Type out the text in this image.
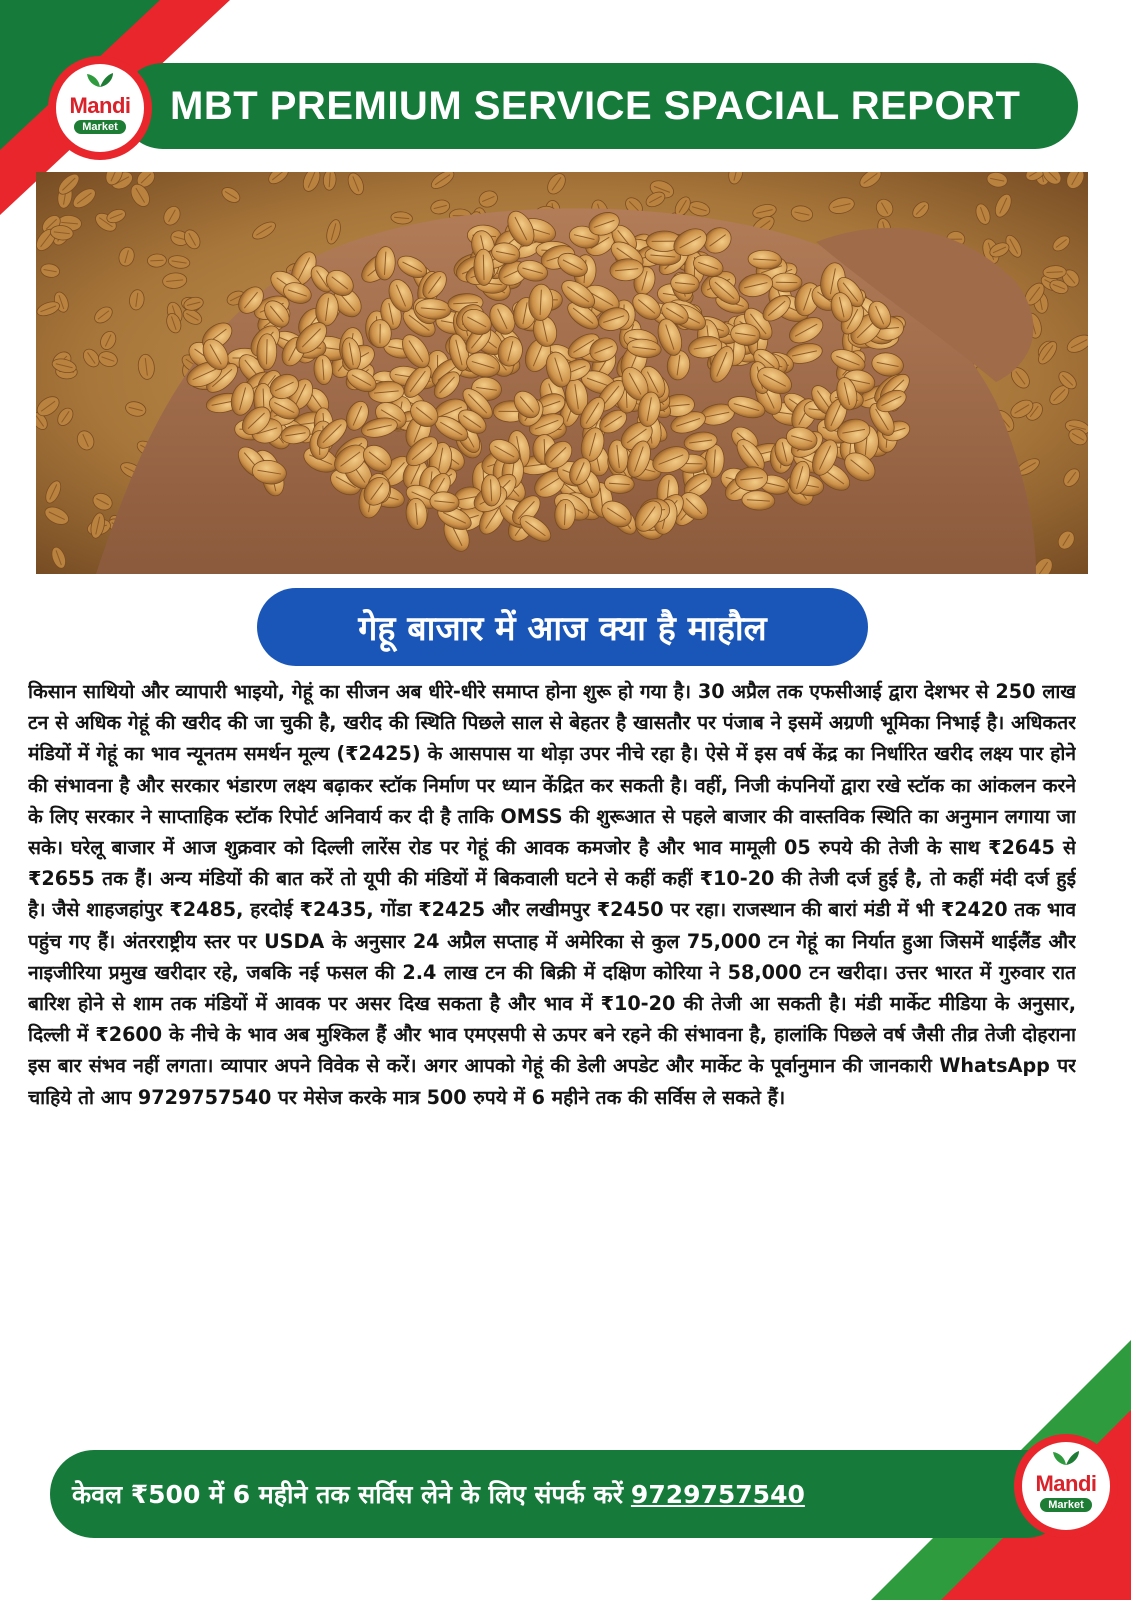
MBT PREMIUM SERVICE SPACIAL REPORT
Mandi
Market
गेहू बाजार में आज क्या है माहौल

किसान साथियो और व्यापारी भाइयो, गेहूं का सीजन अब धीरे-धीरे समाप्त होना शुरू हो गया है। 30 अप्रैल तक एफसीआई द्वारा देशभर से 250 लाख टन से अधिक गेहूं की खरीद की जा चुकी है, खरीद की स्थिति पिछले साल से बेहतर है खासतौर पर पंजाब ने इसमें अग्रणी भूमिका निभाई है। अधिकतर मंडियों में गेहूं का भाव न्यूनतम समर्थन मूल्य (₹2425) के आसपास या थोड़ा उपर नीचे रहा है। ऐसे में इस वर्ष केंद्र का निर्धारित खरीद लक्ष्य पार होने की संभावना है और सरकार भंडारण लक्ष्य बढ़ाकर स्टॉक निर्माण पर ध्यान केंद्रित कर सकती है। वहीं, निजी कंपनियों द्वारा रखे स्टॉक का आंकलन करने के लिए सरकार ने साप्ताहिक स्टॉक रिपोर्ट अनिवार्य कर दी है ताकि OMSS की शुरूआत से पहले बाजार की वास्तविक स्थिति का अनुमान लगाया जा सके। घरेलू बाजार में आज शुक्रवार को दिल्ली लारेंस रोड पर गेहूं की आवक कमजोर है और भाव मामूली 05 रुपये की तेजी के साथ ₹2645 से ₹2655 तक हैं। अन्य मंडियों की बात करें तो यूपी की मंडियों में बिकवाली घटने से कहीं कहीं ₹10-20 की तेजी दर्ज हुई है, तो कहीं मंदी दर्ज हुई है। जैसे शाहजहांपुर ₹2485, हरदोई ₹2435, गोंडा ₹2425 और लखीमपुर ₹2450 पर रहा। राजस्थान की बारां मंडी में भी ₹2420 तक भाव पहुंच गए हैं। अंतरराष्ट्रीय स्तर पर USDA के अनुसार 24 अप्रैल सप्ताह में अमेरिका से कुल 75,000 टन गेहूं का निर्यात हुआ जिसमें थाईलैंड और नाइजीरिया प्रमुख खरीदार रहे, जबकि नई फसल की 2.4 लाख टन की बिक्री में दक्षिण कोरिया ने 58,000 टन खरीदा। उत्तर भारत में गुरुवार रात बारिश होने से शाम तक मंडियों में आवक पर असर दिख सकता है और भाव में ₹10-20 की तेजी आ सकती है। मंडी मार्केट मीडिया के अनुसार, दिल्ली में ₹2600 के नीचे के भाव अब मुश्किल हैं और भाव एमएसपी से ऊपर बने रहने की संभावना है, हालांकि पिछले वर्ष जैसी तीव्र तेजी दोहराना इस बार संभव नहीं लगता। व्यापार अपने विवेक से करें। अगर आपको गेहूं की डेली अपडेट और मार्केट के पूर्वानुमान की जानकारी WhatsApp पर चाहिये तो आप 9729757540 पर मेसेज करके मात्र 500 रुपये में 6 महीने तक की सर्विस ले सकते हैं।

केवल ₹500 में 6 महीने तक सर्विस लेने के लिए संपर्क करें 9729757540	Mandi
Market
